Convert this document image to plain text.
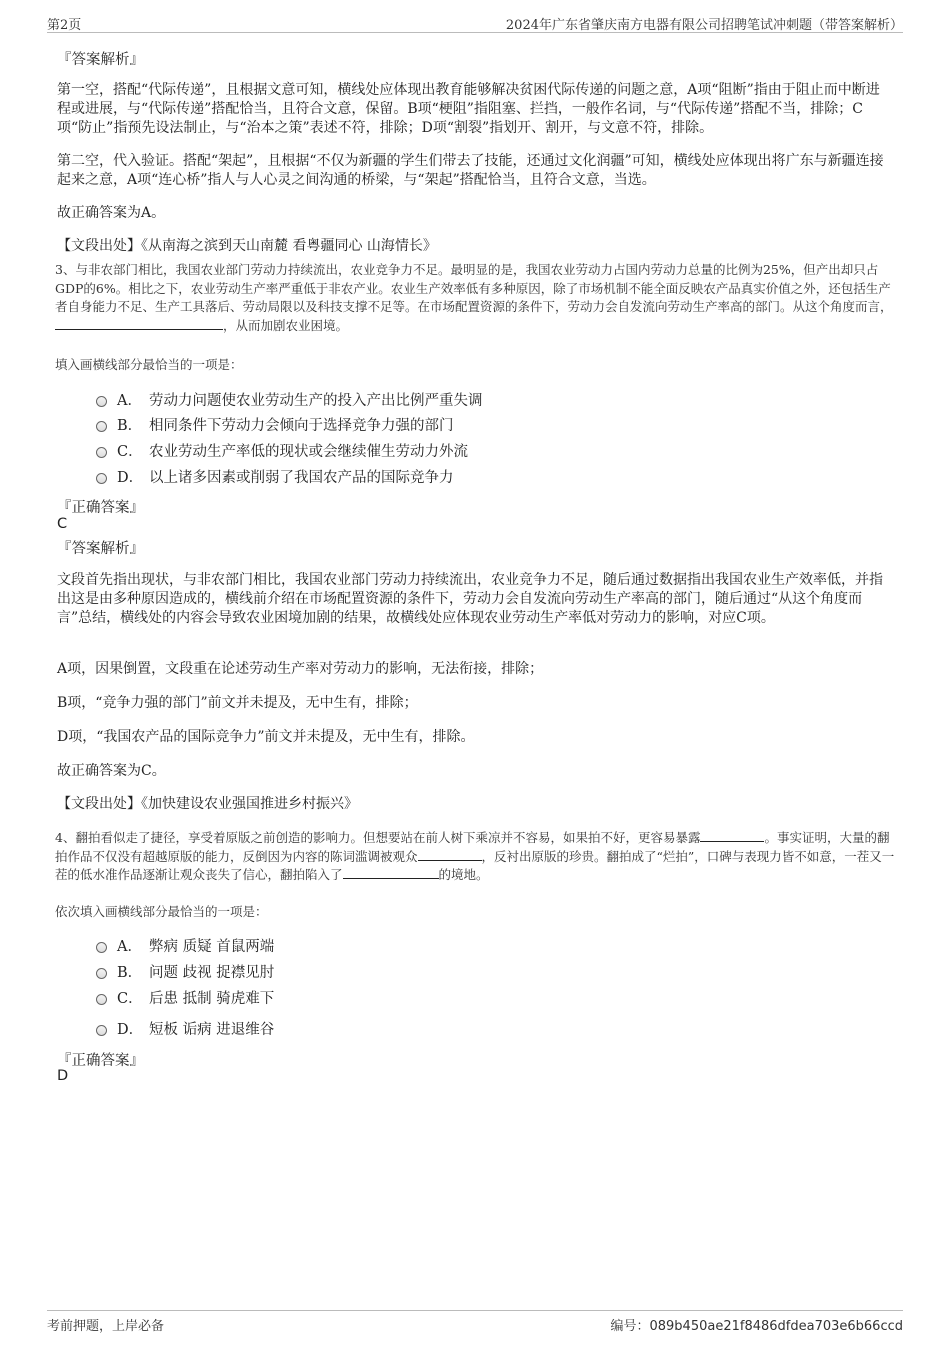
第2页	2024年广东省肇庆南方电器有限公司招聘笔试冲刺题（带答案解析）
『答案解析』
第一空，搭配“代际传递”，且根据文意可知，横线处应体现出教育能够解决贫困代际传递的问题之意，A项“阻断”指由于阻止而中断进程或进展，与“代际传递”搭配恰当，且符合文意，保留。B项“梗阻”指阻塞、拦挡，一般作名词，与“代际传递”搭配不当，排除；C项“防止”指预先设法制止，与“治本之策”表述不符，排除；D项“割裂”指划开、割开，与文意不符，排除。
第二空，代入验证。搭配“架起”，且根据“不仅为新疆的学生们带去了技能，还通过文化润疆”可知，横线处应体现出将广东与新疆连接起来之意，A项“连心桥”指人与人心灵之间沟通的桥梁，与“架起”搭配恰当，且符合文意，当选。
故正确答案为A。
【文段出处】《从南海之滨到天山南麓 看粤疆同心 山海情长》
3、与非农部门相比，我国农业部门劳动力持续流出，农业竞争力不足。最明显的是，我国农业劳动力占国内劳动力总量的比例为25%，但产出却只占GDP的6%。相比之下，农业劳动生产率严重低于非农产业。农业生产效率低有多种原因，除了市场机制不能全面反映农产品真实价值之外，还包括生产者自身能力不足、生产工具落后、劳动局限以及科技支撑不足等。在市场配置资源的条件下，劳动力会自发流向劳动生产率高的部门。从这个角度而言，，从而加剧农业困境。
填入画横线部分最恰当的一项是：
A． 劳动力问题使农业劳动生产的投入产出比例严重失调
B． 相同条件下劳动力会倾向于选择竞争力强的部门
C． 农业劳动生产率低的现状或会继续催生劳动力外流
D． 以上诸多因素或削弱了我国农产品的国际竞争力
『正确答案』
C
『答案解析』
文段首先指出现状，与非农部门相比，我国农业部门劳动力持续流出，农业竞争力不足，随后通过数据指出我国农业生产效率低，并指出这是由多种原因造成的，横线前介绍在市场配置资源的条件下，劳动力会自发流向劳动生产率高的部门，随后通过“从这个角度而言”总结，横线处的内容会导致农业困境加剧的结果，故横线处应体现农业劳动生产率低对劳动力的影响，对应C项。
A项，因果倒置，文段重在论述劳动生产率对劳动力的影响，无法衔接，排除；
B项，“竞争力强的部门”前文并未提及，无中生有，排除；
D项，“我国农产品的国际竞争力”前文并未提及，无中生有，排除。
故正确答案为C。
【文段出处】《加快建设农业强国推进乡村振兴》
4、翻拍看似走了捷径，享受着原版之前创造的影响力。但想要站在前人树下乘凉并不容易，如果拍不好，更容易暴露	。事实证明，大量的翻拍作品不仅没有超越原版的能力，反倒因为内容的陈词滥调被观众	，反衬出原版的珍贵。翻拍成了“烂拍”，口碑与表现力皆不如意，一茬又一茬的低水准作品逐渐让观众丧失了信心，翻拍陷入了	的境地。
依次填入画横线部分最恰当的一项是：
A． 弊病 质疑 首鼠两端
B． 问题 歧视 捉襟见肘
C． 后患 抵制 骑虎难下
D． 短板 诟病 进退维谷
『正确答案』
D
考前押题，上岸必备	编号：089b450ae21f8486dfdea703e6b66ccd
